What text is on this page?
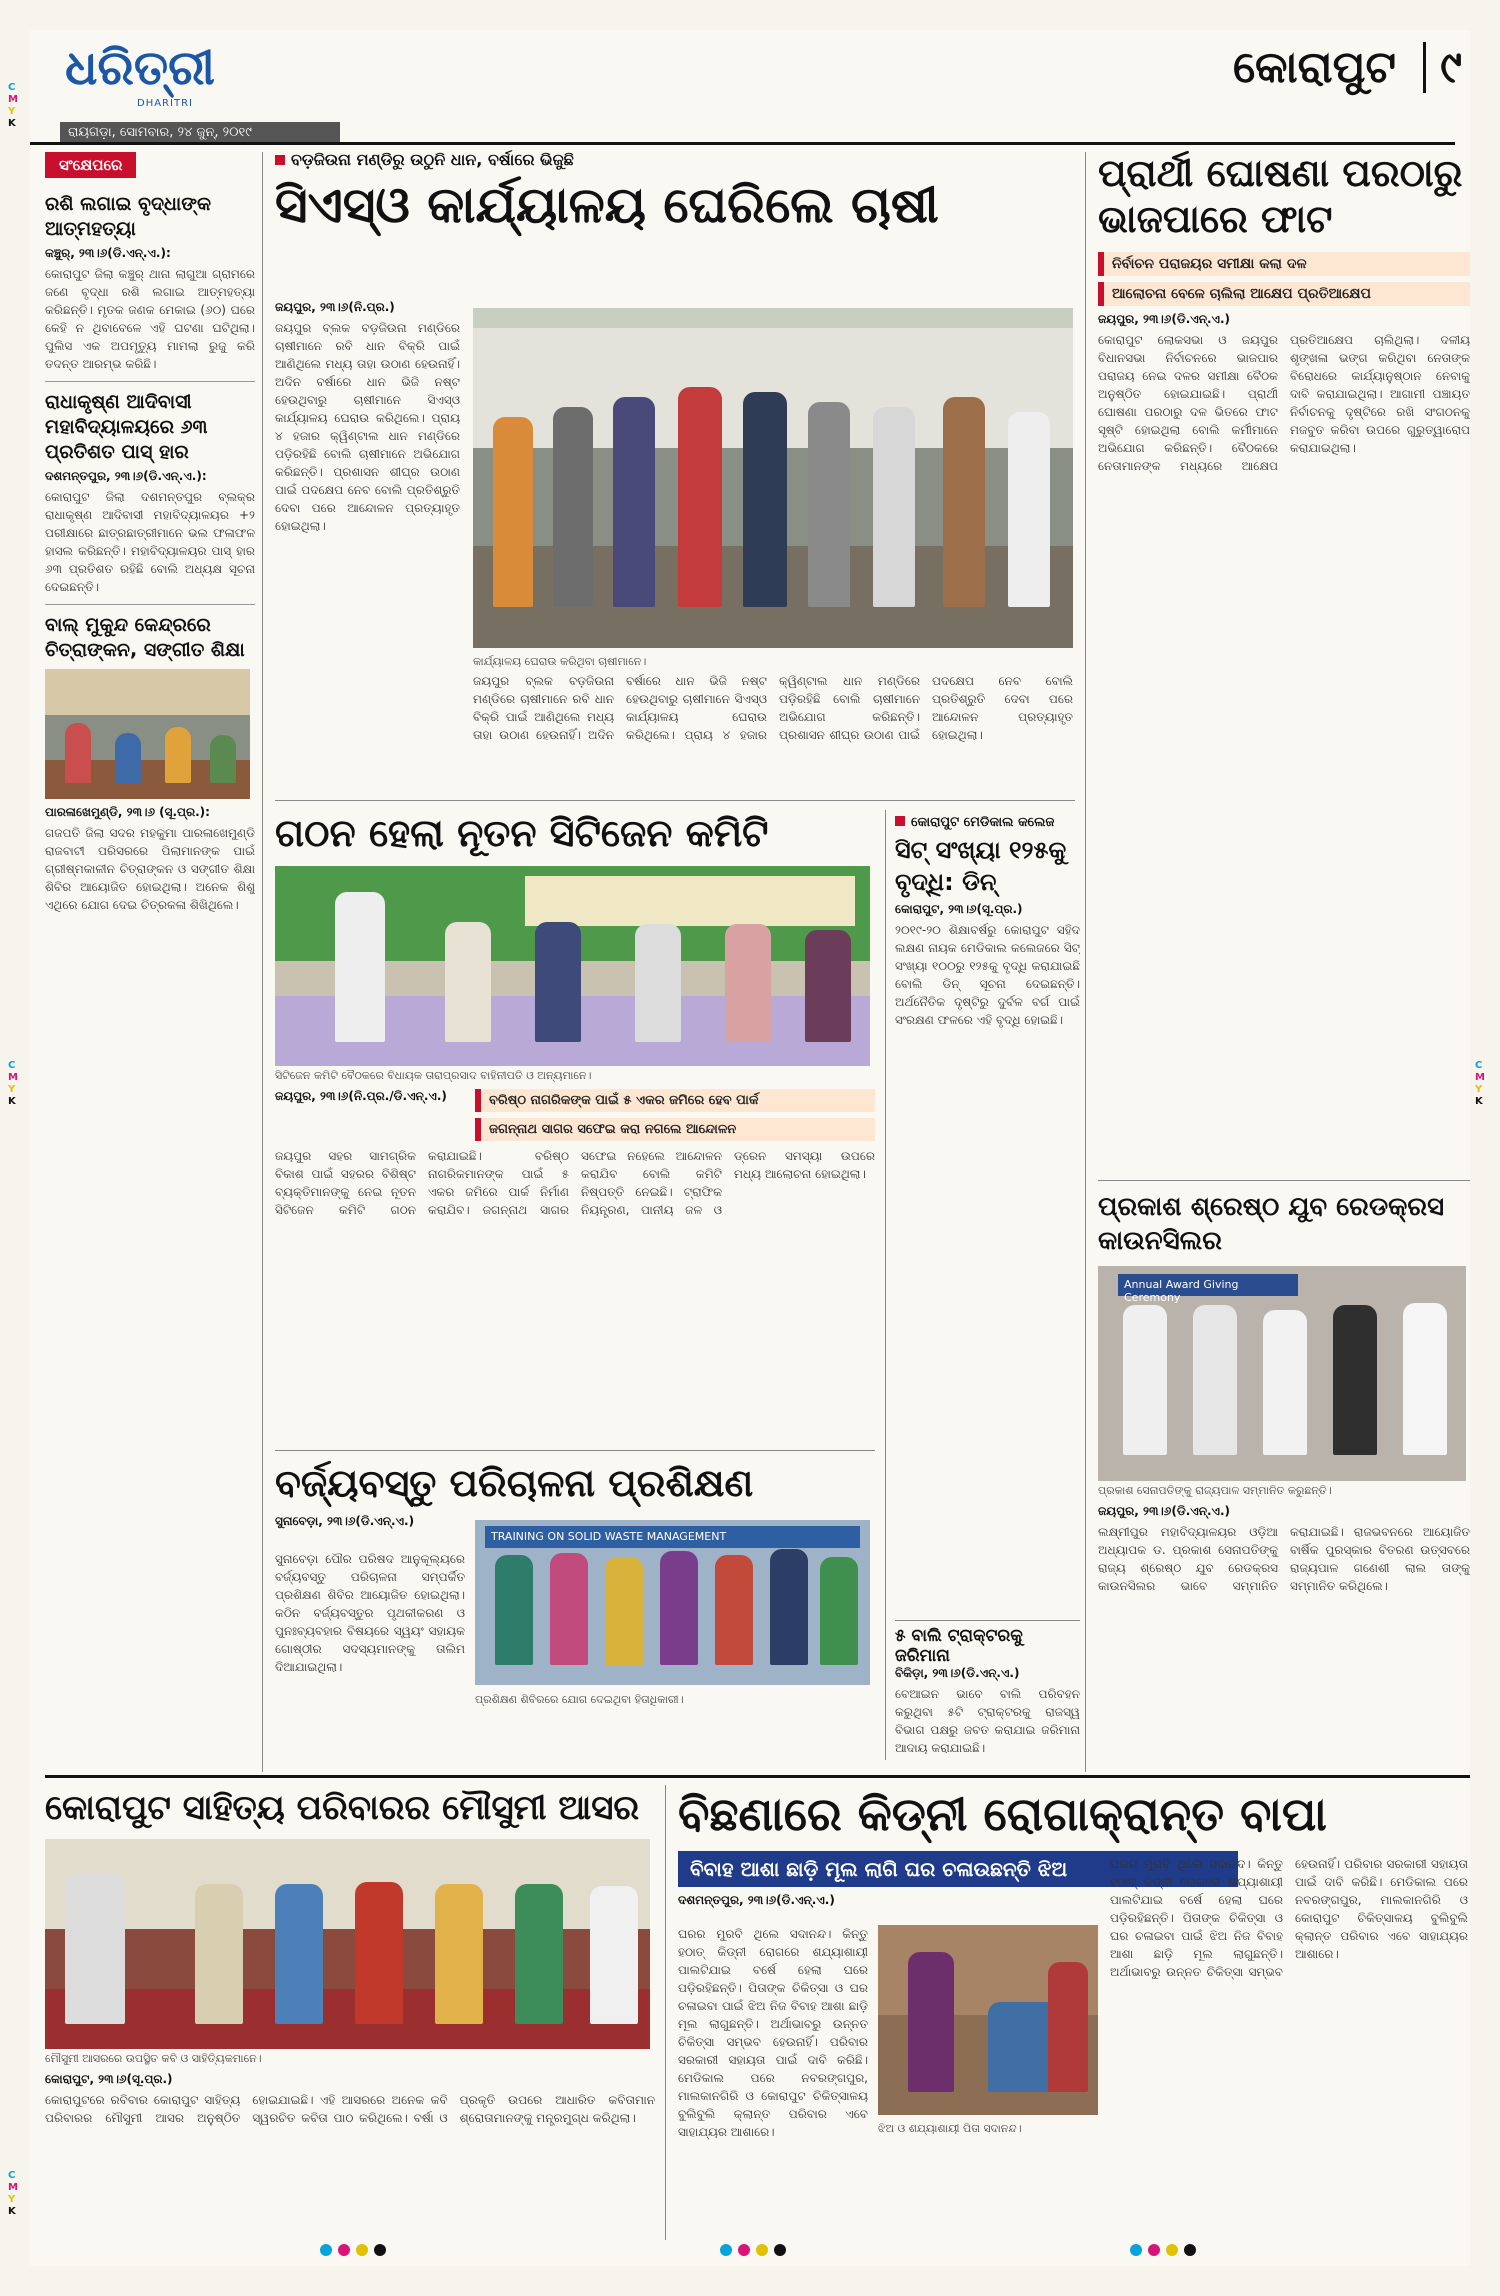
ଧରିତ୍ରୀ
DHARITRI
ରାୟଗଡ଼ା, ସୋମବାର, ୨୪ ଜୁନ୍, ୨୦୧୯
କୋରାପୁଟ	୯
C
M
Y
K
C
M
Y
K
C
M
Y
K
C
M
Y
K
ସଂକ୍ଷେପରେ
ରଶି ଲଗାଇ ବୃଦ୍ଧାଙ୍କ ଆତ୍ମହତ୍ୟା
କଞ୍ଚୁର୍, ୨୩।୬(ଡି.ଏନ୍.ଏ.):
କୋରାପୁଟ ଜିଲା କଞ୍ଚୁର୍ ଥାନା ଲାଗୁଆ ଗ୍ରାମରେ ଜଣେ ବୃଦ୍ଧା ରଶି ଲଗାଇ ଆତ୍ମହତ୍ୟା କରିଛନ୍ତି। ମୃତକ ଜଣକ ମେକାଇ (୬୦) ଘରେ କେହି ନ ଥିବାବେଳେ ଏହି ଘଟଣା ଘଟିଥିଲା। ପୁଲିସ ଏକ ଅପମୃତ୍ୟୁ ମାମଲା ରୁଜୁ କରି ତଦନ୍ତ ଆରମ୍ଭ କରିଛି।
ରାଧାକୃଷ୍ଣ ଆଦିବାସୀ ମହାବିଦ୍ୟାଳୟରେ ୬୩ ପ୍ରତିଶତ ପାସ୍ ହାର
ଦଶମନ୍ତପୁର, ୨୩।୬(ଡି.ଏନ୍.ଏ.):
କୋରାପୁଟ ଜିଲା ଦଶମନ୍ତପୁର ବ୍ଲକ୍‌ର ରାଧାକୃଷ୍ଣ ଆଦିବାସୀ ମହାବିଦ୍ୟାଳୟର +୨ ପରୀକ୍ଷାରେ ଛାତ୍ରଛାତ୍ରୀମାନେ ଭଲ ଫଳାଫଳ ହାସଲ କରିଛନ୍ତି। ମହାବିଦ୍ୟାଳୟର ପାସ୍ ହାର ୬୩ ପ୍ରତିଶତ ରହିଛି ବୋଲି ଅଧ୍ୟକ୍ଷ ସୂଚନା ଦେଇଛନ୍ତି।
ବାଲ୍ ମୁକୁନ୍ଦ କେନ୍ଦ୍ରରେ ଚିତ୍ରାଙ୍କନ, ସଙ୍ଗୀତ ଶିକ୍ଷା
ପାରଳାଖେମୁଣ୍ଡି, ୨୩।୬ (ସୂ.ପ୍ର.):
ଗଜପତି ଜିଲା ସଦର ମହକୁମା ପାରଳାଖେମୁଣ୍ଡି ରାଜବାଟୀ ପରିସରରେ ପିଲାମାନଙ୍କ ପାଇଁ ଗ୍ରୀଷ୍ମକାଳୀନ ଚିତ୍ରାଙ୍କନ ଓ ସଙ୍ଗୀତ ଶିକ୍ଷା ଶିବିର ଆୟୋଜିତ ହୋଇଥିଲା। ଅନେକ ଶିଶୁ ଏଥିରେ ଯୋଗ ଦେଇ ଚିତ୍ରକଳା ଶିଖିଥିଲେ।
ବଡ଼ଜିଉନା ମଣ୍ଡିରୁ ଉଠୁନି ଧାନ, ବର୍ଷାରେ ଭିଜୁଛି
ସିଏସ୍‌ଓ କାର୍ଯ୍ୟାଳୟ ଘେରିଲେ ଚାଷୀ
ଜୟପୁର, ୨୩।୬(ନି.ପ୍ର.)
ଜୟପୁର ବ୍ଲକ ବଡ଼ଜିଉନା ମଣ୍ଡିରେ ଚାଷୀମାନେ ରବି ଧାନ ବିକ୍ରି ପାଇଁ ଆଣିଥିଲେ ମଧ୍ୟ ତାହା ଉଠାଣ ହେଉନାହିଁ। ଅଦିନ ବର୍ଷାରେ ଧାନ ଭିଜି ନଷ୍ଟ ହେଉଥିବାରୁ ଚାଷୀମାନେ ସିଏସ୍‌ଓ କାର୍ଯ୍ୟାଳୟ ଘେରାଉ କରିଥିଲେ। ପ୍ରାୟ ୪ ହଜାର କ୍ୱିଣ୍ଟାଲ ଧାନ ମଣ୍ଡିରେ ପଡ଼ିରହିଛି ବୋଲି ଚାଷୀମାନେ ଅଭିଯୋଗ କରିଛନ୍ତି। ପ୍ରଶାସନ ଶୀଘ୍ର ଉଠାଣ ପାଇଁ ପଦକ୍ଷେପ ନେବ ବୋଲି ପ୍ରତିଶ୍ରୁତି ଦେବା ପରେ ଆନ୍ଦୋଳନ ପ୍ରତ୍ୟାହୃତ ହୋଇଥିଲା।
କାର୍ଯ୍ୟାଳୟ ଘେରାଉ କରିଥିବା ଚାଷୀମାନେ।
ଜୟପୁର ବ୍ଲକ ବଡ଼ଜିଉନା ମଣ୍ଡିରେ ଚାଷୀମାନେ ରବି ଧାନ ବିକ୍ରି ପାଇଁ ଆଣିଥିଲେ ମଧ୍ୟ ତାହା ଉଠାଣ ହେଉନାହିଁ। ଅଦିନ ବର୍ଷାରେ ଧାନ ଭିଜି ନଷ୍ଟ ହେଉଥିବାରୁ ଚାଷୀମାନେ ସିଏସ୍‌ଓ କାର୍ଯ୍ୟାଳୟ ଘେରାଉ କରିଥିଲେ। ପ୍ରାୟ ୪ ହଜାର କ୍ୱିଣ୍ଟାଲ ଧାନ ମଣ୍ଡିରେ ପଡ଼ିରହିଛି ବୋଲି ଚାଷୀମାନେ ଅଭିଯୋଗ କରିଛନ୍ତି। ପ୍ରଶାସନ ଶୀଘ୍ର ଉଠାଣ ପାଇଁ ପଦକ୍ଷେପ ନେବ ବୋଲି ପ୍ରତିଶ୍ରୁତି ଦେବା ପରେ ଆନ୍ଦୋଳନ ପ୍ରତ୍ୟାହୃତ ହୋଇଥିଲା।
ପ୍ରାର୍ଥୀ ଘୋଷଣା ପରଠାରୁ ଭାଜପାରେ ଫାଟ
ନିର୍ବାଚନ ପରାଜୟର ସମୀକ୍ଷା କଲା ଦଳ
ଆଲୋଚନା ବେଳେ ଚାଲିଲା ଆକ୍ଷେପ ପ୍ରତିଆକ୍ଷେପ
ଜୟପୁର, ୨୩।୬(ଡି.ଏନ୍.ଏ.)
କୋରାପୁଟ ଲୋକସଭା ଓ ଜୟପୁର ବିଧାନସଭା ନିର୍ବାଚନରେ ଭାଜପାର ପରାଜୟ ନେଇ ଦଳର ସମୀକ୍ଷା ବୈଠକ ଅନୁଷ୍ଠିତ ହୋଇଯାଇଛି। ପ୍ରାର୍ଥୀ ଘୋଷଣା ପରଠାରୁ ଦଳ ଭିତରେ ଫାଟ ସୃଷ୍ଟି ହୋଇଥିଲା ବୋଲି କର୍ମୀମାନେ ଅଭିଯୋଗ କରିଛନ୍ତି। ବୈଠକରେ ନେତାମାନଙ୍କ ମଧ୍ୟରେ ଆକ୍ଷେପ ପ୍ରତିଆକ୍ଷେପ ଚାଲିଥିଲା। ଦଳୀୟ ଶୃଙ୍ଖଳା ଭଙ୍ଗ କରିଥିବା ନେତାଙ୍କ ବିରୋଧରେ କାର୍ଯ୍ୟାନୁଷ୍ଠାନ ନେବାକୁ ଦାବି କରାଯାଇଥିଲା। ଆଗାମୀ ପଞ୍ଚାୟତ ନିର୍ବାଚନକୁ ଦୃଷ୍ଟିରେ ରଖି ସଂଗଠନକୁ ମଜବୁତ କରିବା ଉପରେ ଗୁରୁତ୍ୱାରୋପ କରାଯାଇଥିଲା।
ଗଠନ ହେଲା ନୂତନ ସିଟିଜେନ କମିଟି
ସିଟିଜେନ କମିଟି ବୈଠକରେ ବିଧାୟକ ତାରାପ୍ରସାଦ ବାହିନୀପତି ଓ ଅନ୍ୟମାନେ।
ଜୟପୁର, ୨୩।୬(ନି.ପ୍ର./ଡି.ଏନ୍.ଏ.)	ବରିଷ୍ଠ ନାଗରିକଙ୍କ ପାଇଁ ୫ ଏକର ଜମିରେ ହେବ ପାର୍କ
ଜଗନ୍ନାଥ ସାଗର ସଫେଇ କରା ନଗଲେ ଆନ୍ଦୋଳନ
ଜୟପୁର ସହର ସାମଗ୍ରିକ ବିକାଶ ପାଇଁ ସହରର ବିଶିଷ୍ଟ ବ୍ୟକ୍ତିମାନଙ୍କୁ ନେଇ ନୂତନ ସିଟିଜେନ କମିଟି ଗଠନ କରାଯାଇଛି। ବରିଷ୍ଠ ନାଗରିକମାନଙ୍କ ପାଇଁ ୫ ଏକର ଜମିରେ ପାର୍କ ନିର୍ମାଣ କରାଯିବ। ଜଗନ୍ନାଥ ସାଗର ସଫେଇ ନହେଲେ ଆନ୍ଦୋଳନ କରାଯିବ ବୋଲି କମିଟି ନିଷ୍ପତ୍ତି ନେଇଛି। ଟ୍ରାଫିକ ନିୟନ୍ତ୍ରଣ, ପାନୀୟ ଜଳ ଓ ଡ୍ରେନ ସମସ୍ୟା ଉପରେ ମଧ୍ୟ ଆଲୋଚନା ହୋଇଥିଲା।
କୋରାପୁଟ ମେଡିକାଲ କଲେଜ
ସିଟ୍ ସଂଖ୍ୟା ୧୨୫କୁ ବୃଦ୍ଧି: ଡିନ୍
କୋରାପୁଟ, ୨୩।୬(ସୂ.ପ୍ର.)
୨୦୧୯-୨୦ ଶିକ୍ଷାବର୍ଷରୁ କୋରାପୁଟ ସହିଦ ଲକ୍ଷଣ ନାୟକ ମେଡିକାଲ କଲେଜରେ ସିଟ୍ ସଂଖ୍ୟା ୧୦୦ରୁ ୧୨୫କୁ ବୃଦ୍ଧି କରାଯାଇଛି ବୋଲି ଡିନ୍ ସୂଚନା ଦେଇଛନ୍ତି। ଅର୍ଥନୈତିକ ଦୃଷ୍ଟିରୁ ଦୁର୍ବଳ ବର୍ଗ ପାଇଁ ସଂରକ୍ଷଣ ଫଳରେ ଏହି ବୃଦ୍ଧି ହୋଇଛି।
ପ୍ରକାଶ ଶ୍ରେଷ୍ଠ ଯୁବ ରେଡକ୍ରସ କାଉନସିଲର
Annual Award Giving Ceremony
ପ୍ରକାଶ ସେନାପତିଙ୍କୁ ରାଜ୍ୟପାଳ ସମ୍ମାନିତ କରୁଛନ୍ତି।
ଜୟପୁର, ୨୩।୬(ଡି.ଏନ୍.ଏ.)
ଲକ୍ଷ୍ମୀପୁର ମହାବିଦ୍ୟାଳୟର ଓଡ଼ିଆ ଅଧ୍ୟାପକ ଡ. ପ୍ରକାଶ ସେନାପତିଙ୍କୁ ରାଜ୍ୟ ଶ୍ରେଷ୍ଠ ଯୁବ ରେଡକ୍ରସ କାଉନସିଲର ଭାବେ ସମ୍ମାନିତ କରାଯାଇଛି। ରାଜଭବନରେ ଆୟୋଜିତ ବାର୍ଷିକ ପୁରସ୍କାର ବିତରଣ ଉତ୍ସବରେ ରାଜ୍ୟପାଳ ଗଣେଶୀ ଲାଲ ତାଙ୍କୁ ସମ୍ମାନିତ କରିଥିଲେ।
ବର୍ଜ୍ୟବସ୍ତୁ ପରିଚାଳନା ପ୍ରଶିକ୍ଷଣ
ସୁନାବେଡ଼ା, ୨୩।୬(ଡି.ଏନ୍.ଏ.)
ସୁନାବେଡ଼ା ପୌର ପରିଷଦ ଆନୁକୂଲ୍ୟରେ ବର୍ଜ୍ୟବସ୍ତୁ ପରିଚାଳନା ସମ୍ପର୍କିତ ପ୍ରଶିକ୍ଷଣ ଶିବିର ଆୟୋଜିତ ହୋଇଥିଲା। କଠିନ ବର୍ଜ୍ୟବସ୍ତୁର ପୃଥକୀକରଣ ଓ ପୁନଃବ୍ୟବହାର ବିଷୟରେ ସ୍ୱୟଂ ସହାୟକ ଗୋଷ୍ଠୀର ସଦସ୍ୟମାନଙ୍କୁ ତାଲିମ ଦିଆଯାଇଥିଲା।
TRAINING ON SOLID WASTE MANAGEMENT
ପ୍ରଶିକ୍ଷଣ ଶିବିରରେ ଯୋଗ ଦେଇଥିବା ହିତାଧିକାରୀ।
୫ ବାଲି ଟ୍ରାକ୍ଟରକୁ ଜରିମାନା
ବିକିଡ଼ା, ୨୩।୬(ଡି.ଏନ୍.ଏ.)
ବେଆଇନ ଭାବେ ବାଲି ପରିବହନ କରୁଥିବା ୫ଟି ଟ୍ରାକ୍ଟରକୁ ରାଜସ୍ୱ ବିଭାଗ ପକ୍ଷରୁ ଜବତ କରାଯାଇ ଜରିମାନା ଆଦାୟ କରାଯାଇଛି।
କୋରାପୁଟ ସାହିତ୍ୟ ପରିବାରର ମୌସୁମୀ ଆସର
ମୌସୁମୀ ଆସରରେ ଉପସ୍ଥିତ କବି ଓ ସାହିତ୍ୟିକମାନେ।
କୋରାପୁଟ, ୨୩।୬(ସୂ.ପ୍ର.)
କୋରାପୁଟରେ ରବିବାର କୋରାପୁଟ ସାହିତ୍ୟ ପରିବାରର ମୌସୁମୀ ଆସର ଅନୁଷ୍ଠିତ ହୋଇଯାଇଛି। ଏହି ଆସରରେ ଅନେକ କବି ସ୍ୱରଚିତ କବିତା ପାଠ କରିଥିଲେ। ବର୍ଷା ଓ ପ୍ରକୃତି ଉପରେ ଆଧାରିତ କବିତାମାନ ଶ୍ରୋତାମାନଙ୍କୁ ମନ୍ତ୍ରମୁଗ୍ଧ କରିଥିଲା।
ବିଛଣାରେ କିଡ୍‌ନୀ ରୋଗାକ୍ରାନ୍ତ ବାପା
ବିବାହ ଆଶା ଛାଡ଼ି ମୂଲ ଲାଗି ଘର ଚଳାଉଛନ୍ତି ଝିଅ
ଦଶମନ୍ତପୁର, ୨୩।୬(ଡି.ଏନ୍.ଏ.)
ଘରର ମୁରବି ଥିଲେ ସଦାନନ୍ଦ। କିନ୍ତୁ ହଠାତ୍ କିଡ୍‌ନୀ ରୋଗରେ ଶଯ୍ୟାଶାୟୀ ପାଲଟିଯାଇ ବର୍ଷେ ହେଲା ଘରେ ପଡ଼ିରହିଛନ୍ତି। ପିତାଙ୍କ ଚିକିତ୍ସା ଓ ଘର ଚଳାଇବା ପାଇଁ ଝିଅ ନିଜ ବିବାହ ଆଶା ଛାଡ଼ି ମୂଲ ଲାଗୁଛନ୍ତି। ଅର୍ଥାଭାବରୁ ଉନ୍ନତ ଚିକିତ୍ସା ସମ୍ଭବ ହେଉନାହିଁ। ପରିବାର ସରକାରୀ ସହାୟତା ପାଇଁ ଦାବି କରିଛି। ମେଡିକାଲ ପରେ ନବରଙ୍ଗପୁର, ମାଲକାନଗିରି ଓ କୋରାପୁଟ ଚିକିତ୍ସାଳୟ ବୁଲିବୁଲି କ୍ଲାନ୍ତ ପରିବାର ଏବେ ସାହାଯ୍ୟର ଆଶାରେ।	ଝିଅ ଓ ଶଯ୍ୟାଶାୟୀ ପିତା ସଦାନନ୍ଦ।
ଘରର ମୁରବି ଥିଲେ ସଦାନନ୍ଦ। କିନ୍ତୁ ହଠାତ୍ କିଡ୍‌ନୀ ରୋଗରେ ଶଯ୍ୟାଶାୟୀ ପାଲଟିଯାଇ ବର୍ଷେ ହେଲା ଘରେ ପଡ଼ିରହିଛନ୍ତି। ପିତାଙ୍କ ଚିକିତ୍ସା ଓ ଘର ଚଳାଇବା ପାଇଁ ଝିଅ ନିଜ ବିବାହ ଆଶା ଛାଡ଼ି ମୂଲ ଲାଗୁଛନ୍ତି। ଅର୍ଥାଭାବରୁ ଉନ୍ନତ ଚିକିତ୍ସା ସମ୍ଭବ ହେଉନାହିଁ। ପରିବାର ସରକାରୀ ସହାୟତା ପାଇଁ ଦାବି କରିଛି। ମେଡିକାଲ ପରେ ନବରଙ୍ଗପୁର, ମାଲକାନଗିରି ଓ କୋରାପୁଟ ଚିକିତ୍ସାଳୟ ବୁଲିବୁଲି କ୍ଲାନ୍ତ ପରିବାର ଏବେ ସାହାଯ୍ୟର ଆଶାରେ।
